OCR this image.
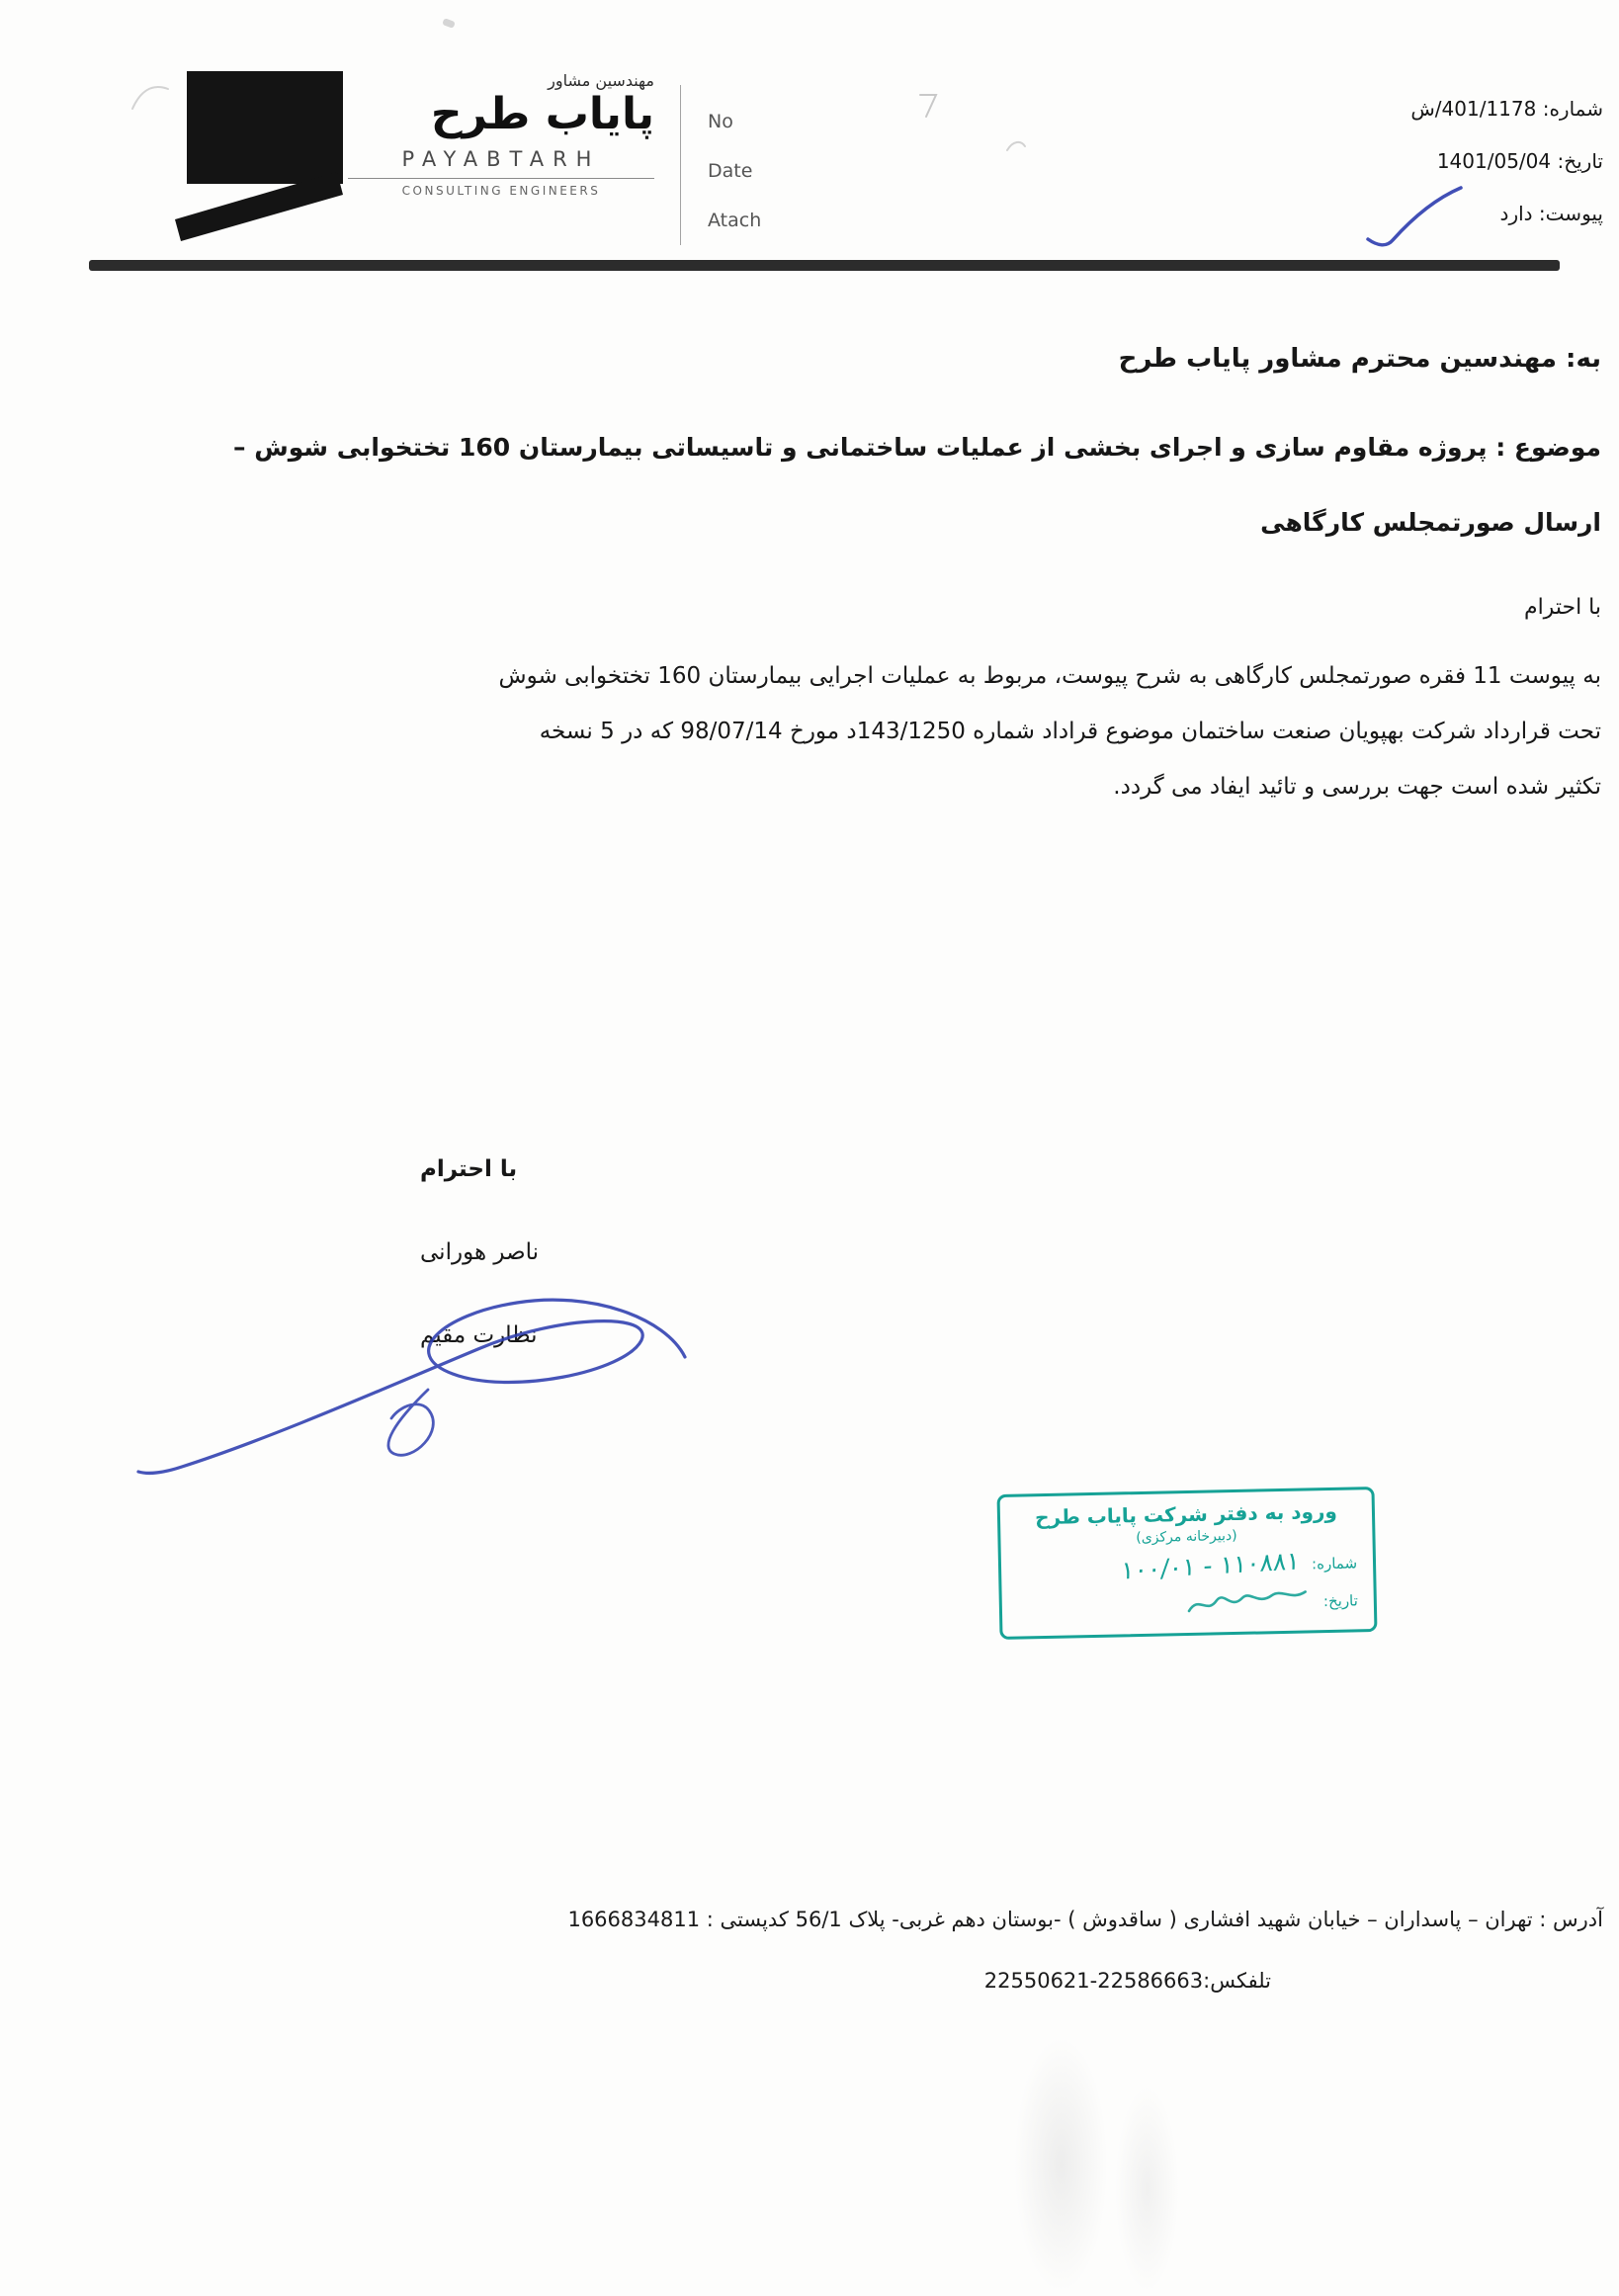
مهندسین مشاور
پایاب طرح
PAYABTARH
CONSULTING ENGINEERS
No
Date
Atach
شماره: 401/1178/ش
تاریخ: 1401/05/04
پیوست: دارد
به: مهندسین محترم مشاور پایاب طرح
موضوع : پروژه مقاوم سازی و اجرای بخشی از عملیات ساختمانی و تاسیساتی بیمارستان 160 تختخوابی شوش –
ارسال صورتمجلس کارگاهی
با احترام
به پیوست 11 فقره صورتمجلس کارگاهی به شرح پیوست، مربوط به عملیات اجرایی بیمارستان 160 تختخوابی شوش
تحت قرارداد شرکت بهپویان صنعت ساختمان موضوع قراداد شماره 143/1250د مورخ 98/07/14 که در 5 نسخه
تکثیر شده است جهت بررسی و تائید ایفاد می گردد.
با احترام
ناصر هورانی
نظارت مقیم
ورود به دفتر شرکت پایاب طرح
(دبیرخانه مرکزی)
شماره:
۱۱۰۸۸۱ - ۱۰۰/۰۱
تاریخ:
آدرس : تهران – پاسداران – خیابان شهید افشاری ( ساقدوش ) -بوستان دهم غربی- پلاک 56/1 کدپستی : 1666834811
تلفکس:22586663-22550621
